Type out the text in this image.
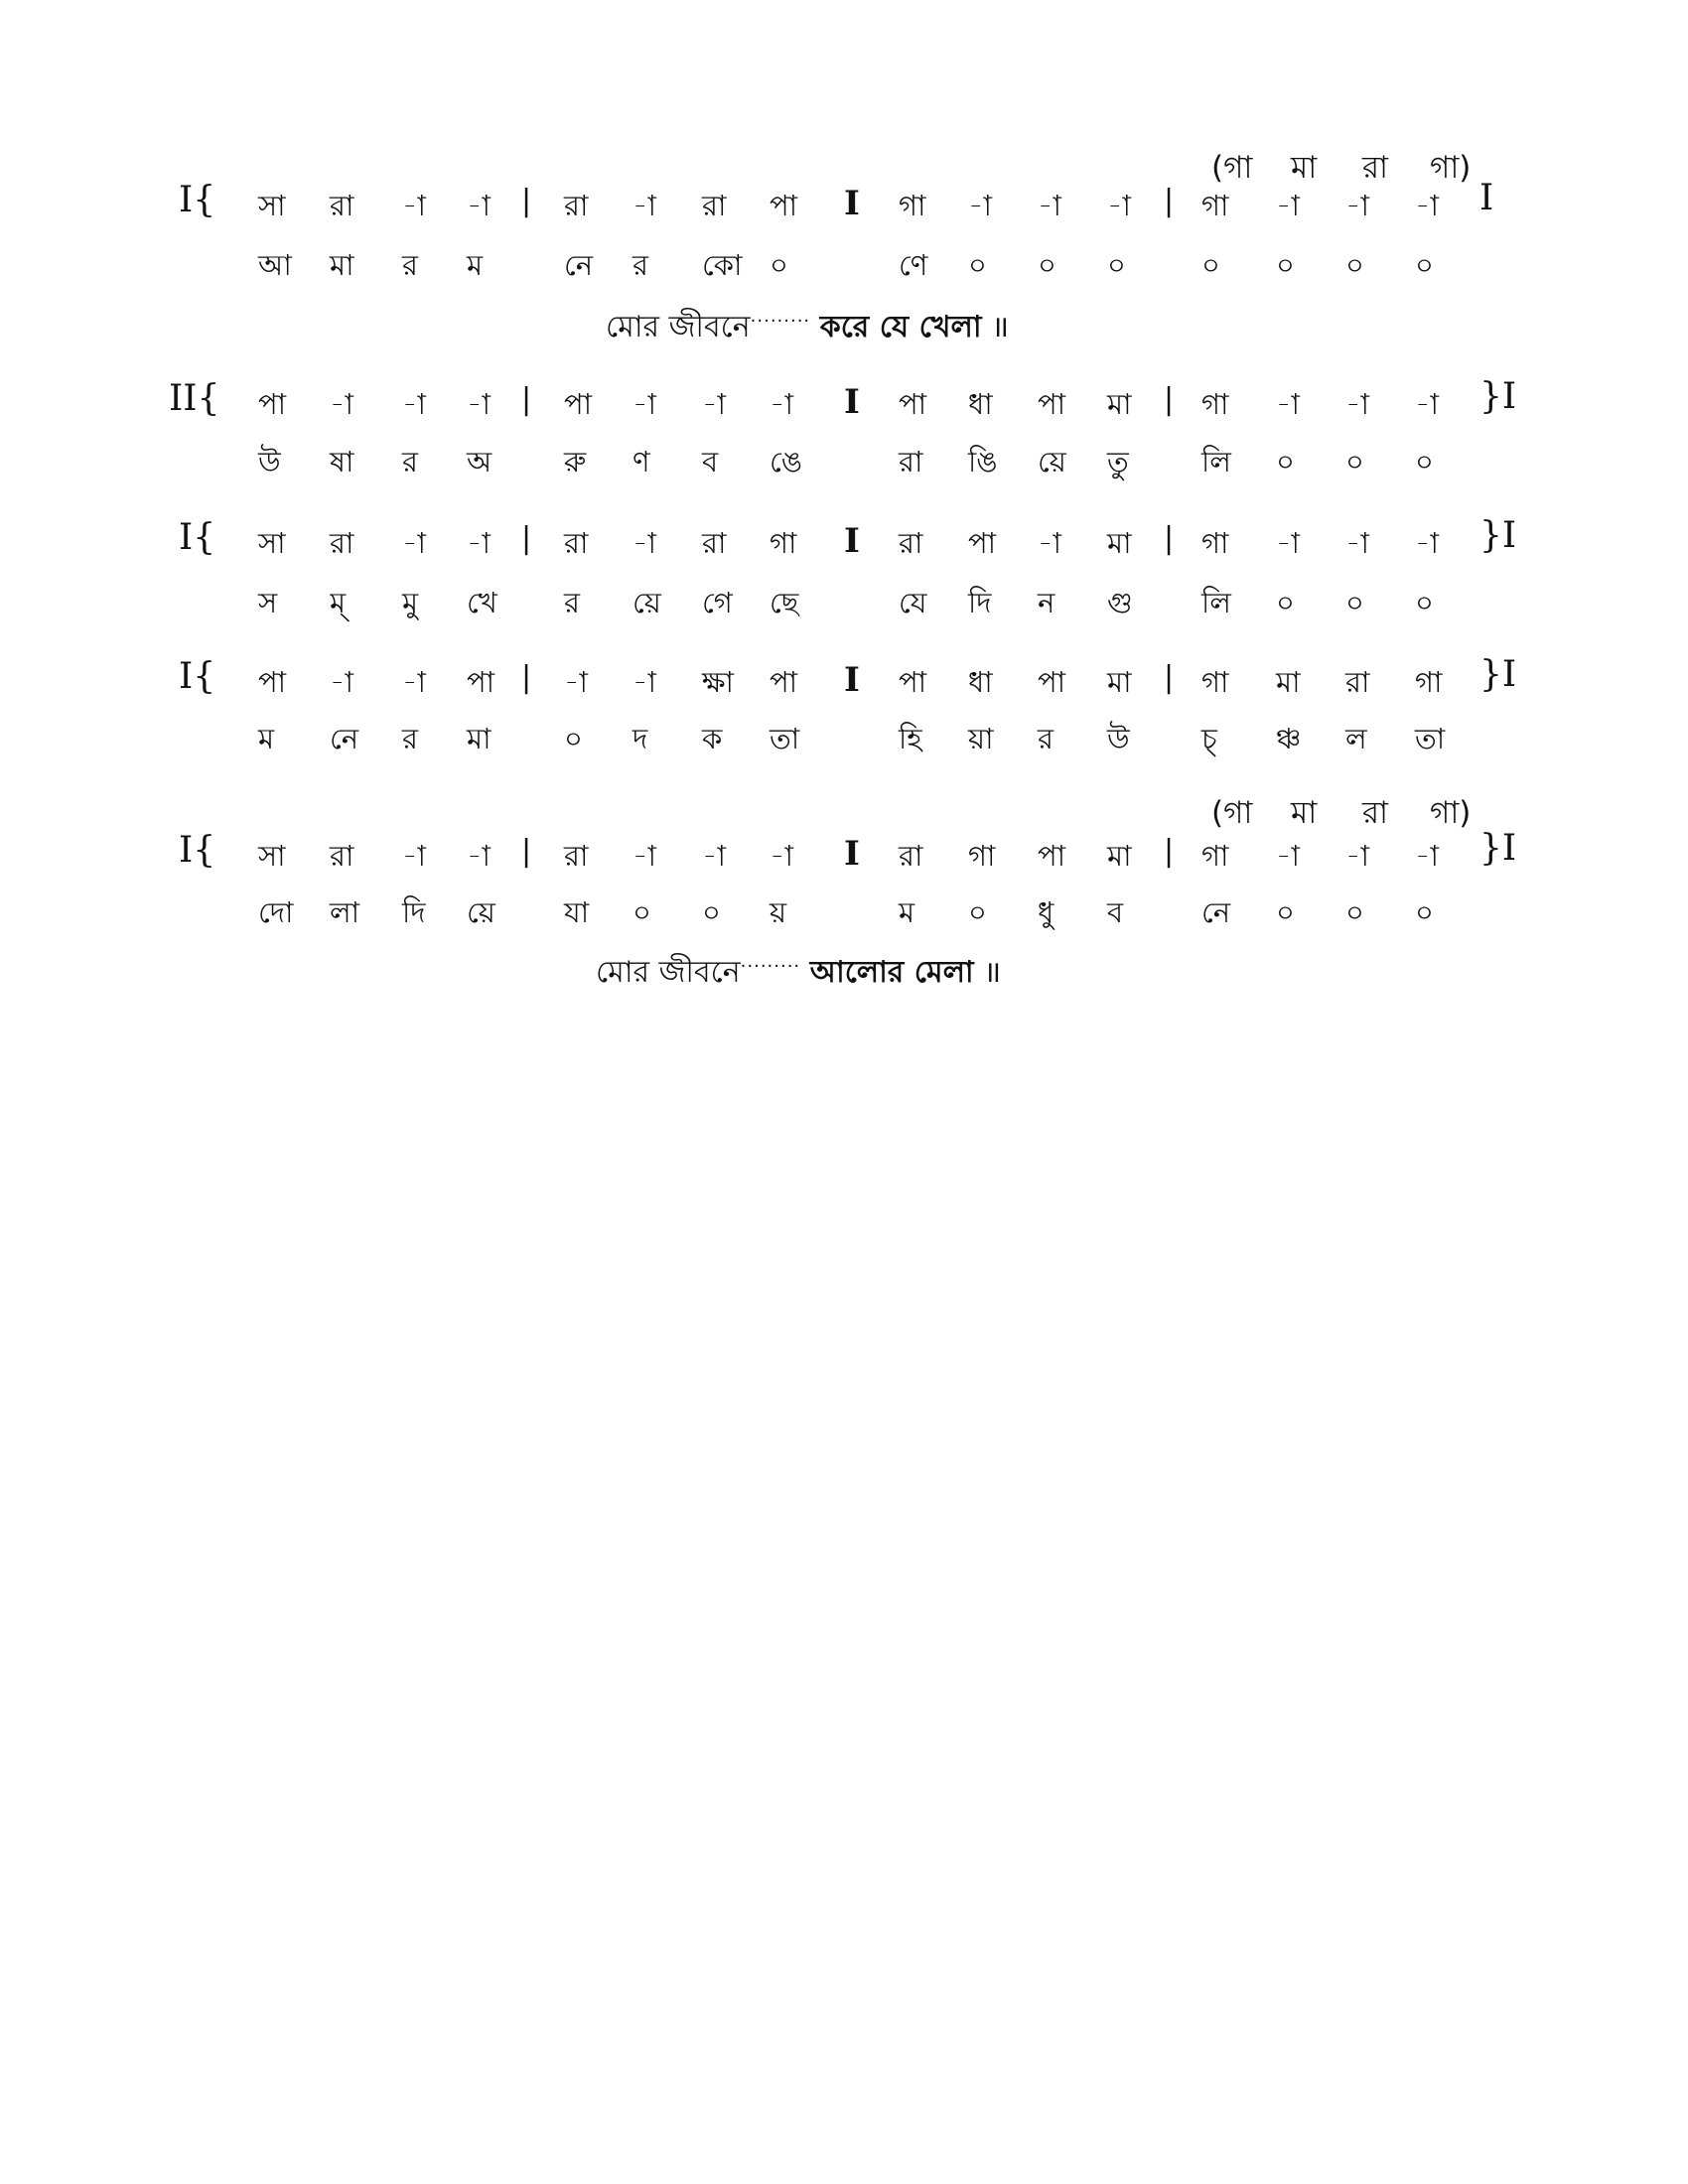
(গা মা রা গা)
I{ সা রা -া -া | রা -া রা পা I গা -া -া -া | গা -া -া -া I
আ মা র ম	নে র কো ০	ণে ০ ০ ০	০ ০ ০ ০
মোর জীবনে········· করে যে খেলা ॥
II{ পা -া -া -া | পা -া -া -া I পা ধা পা মা | গা -া -া -া }I
উ ষা র অ	রু ণ ব ঙে	রা ঙি য়ে তু	লি ০ ০ ০
I{ সা রা -া -া | রা -া রা গা I রা পা -া মা | গা -া -া -া }I
স ম্ মু খে র য়ে গে ছে	যে দি ন গু লি ০ ০ ০
I{ পা -া -া পা | -া -া ক্ষা পা I পা ধা পা মা | গা মা রা গা }I
ম নে র মা	০ দ ক তা	হি য়া র উ চ্ ঞ্চ ল তা
(গা মা রা গা)
I{ সা রা -া -া | রা -া -া -া I রা গা পা মা | গা -া -া -া }I
দো লা দি য়ে যা ০ ০ য়	ম ০ ধু ব	নে ০ ০ ০
মোর জীবনে········· আলোর মেলা ॥
